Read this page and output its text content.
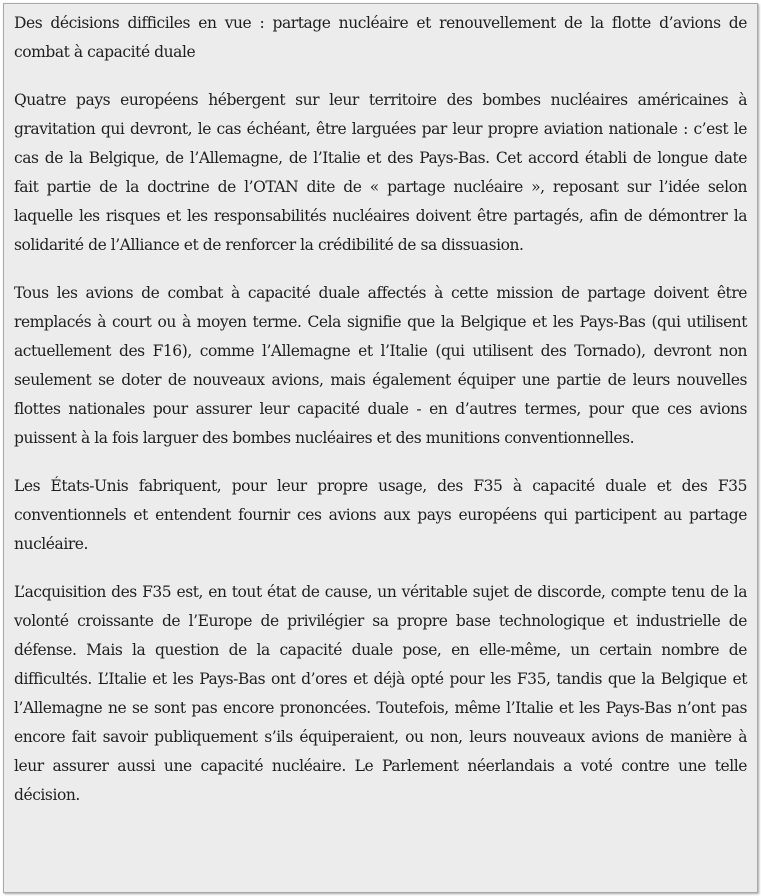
Des décisions difficiles en vue : partage nucléaire et renouvellement de la flotte d’avions de combat à capacité duale

Quatre pays européens hébergent sur leur territoire des bombes nucléaires américaines à gravitation qui devront, le cas échéant, être larguées par leur propre aviation nationale : c’est le cas de la Belgique, de l’Allemagne, de l’Italie et des Pays-Bas. Cet accord établi de longue date fait partie de la doctrine de l’OTAN dite de « partage nucléaire », reposant sur l’idée selon laquelle les risques et les responsabilités nucléaires doivent être partagés, afin de démontrer la solidarité de l’Alliance et de renforcer la crédibilité de sa dissuasion.

Tous les avions de combat à capacité duale affectés à cette mission de partage doivent être remplacés à court ou à moyen terme. Cela signifie que la Belgique et les Pays-Bas (qui utilisent actuellement des F16), comme l’Allemagne et l’Italie (qui utilisent des Tornado), devront non seulement se doter de nouveaux avions, mais également équiper une partie de leurs nouvelles flottes nationales pour assurer leur capacité duale - en d’autres termes, pour que ces avions puissent à la fois larguer des bombes nucléaires et des munitions conventionnelles.

Les États-Unis fabriquent, pour leur propre usage, des F35 à capacité duale et des F35 conventionnels et entendent fournir ces avions aux pays européens qui participent au partage nucléaire.

L’acquisition des F35 est, en tout état de cause, un véritable sujet de discorde, compte tenu de la volonté croissante de l’Europe de privilégier sa propre base technologique et industrielle de défense. Mais la question de la capacité duale pose, en elle-même, un certain nombre de difficultés. L’Italie et les Pays-Bas ont d’ores et déjà opté pour les F35, tandis que la Belgique et l’Allemagne ne se sont pas encore prononcées. Toutefois, même l’Italie et les Pays-Bas n’ont pas encore fait savoir publiquement s’ils équiperaient, ou non, leurs nouveaux avions de manière à leur assurer aussi une capacité nucléaire. Le Parlement néerlandais a voté contre une telle décision.
